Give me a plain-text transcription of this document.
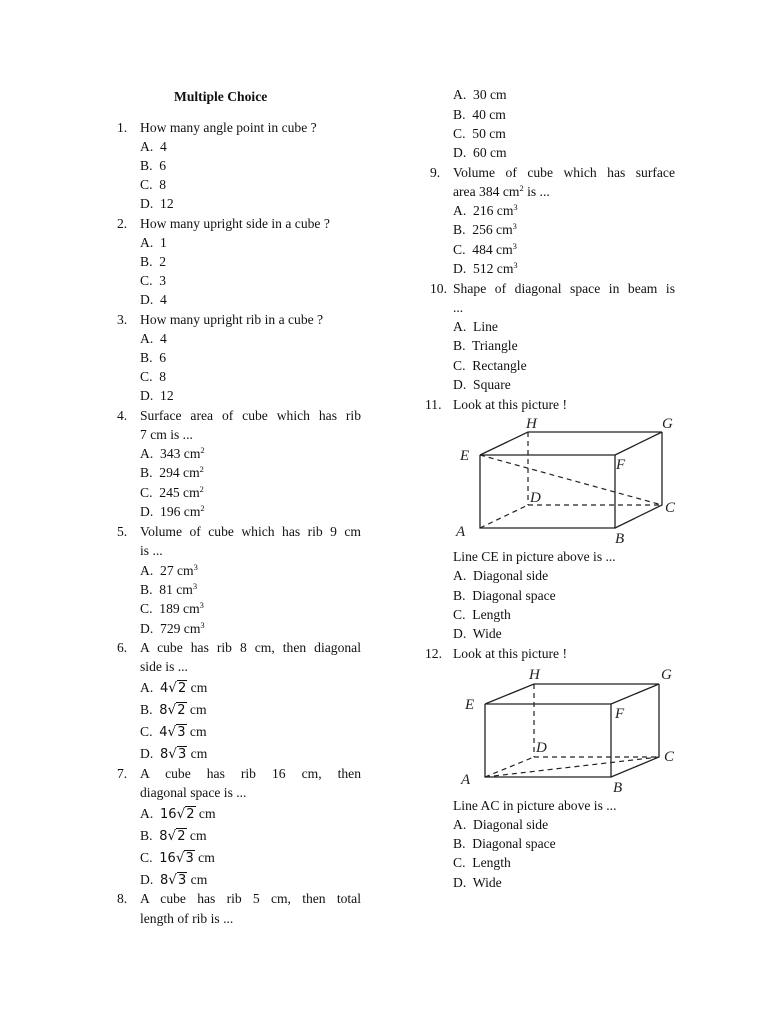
Multiple Choice
1. How many angle point in cube ?
A. 4
B. 6
C. 8
D. 12
2. How many upright side in a cube ?
A. 1
B. 2
C. 3
D. 4
3. How many upright rib in a cube ?
A. 4
B. 6
C. 8
D. 12
4. Surface area of cube which has rib
7 cm is ...
A. 343 $cm^2$
B. 294 $cm^2$
C. 245 $cm^2$
D. 196 $cm^2$
5. Volume of cube which has rib 9 cm
is ...
A. 27 $cm^3$
B. 81 $cm^3$
C. 189 $cm^3$
D. 729 $cm^3$
6. A cube has rib 8 cm, then diagonal
side is ...
A. 4√2 cm
B. 8√2 cm
C. 4√3 cm
D. 8√3 cm
7. A cube has rib 16 cm, then
diagonal space is ...
A. 16√2 cm
B. 8√2 cm
C. 16√3 cm
D. 8√3 cm
8. A cube has rib 5 cm, then total
length of rib is ...
A. 30 cm
B. 40 cm
C. 50 cm
D. 60 cm
9. Volume of cube which has surface
area 384 $cm^2$ is ...
A. 216 $cm^3$
B. 256 $cm^3$
C. 484 $cm^3$
D. 512 $cm^3$
10. Shape of diagonal space in beam is
...
A. Line
B. Triangle
C. Rectangle
D. Square
11. Look at this picture !
H	G
E
F
D
C
A	B
Line CE in picture above is ...
A. Diagonal side
B. Diagonal space
C. Length
D. Wide
12. Look at this picture !
H	G
E
F
D
C
A	B
Line AC in picture above is ...
A. Diagonal side
B. Diagonal space
C. Length
D. Wide
